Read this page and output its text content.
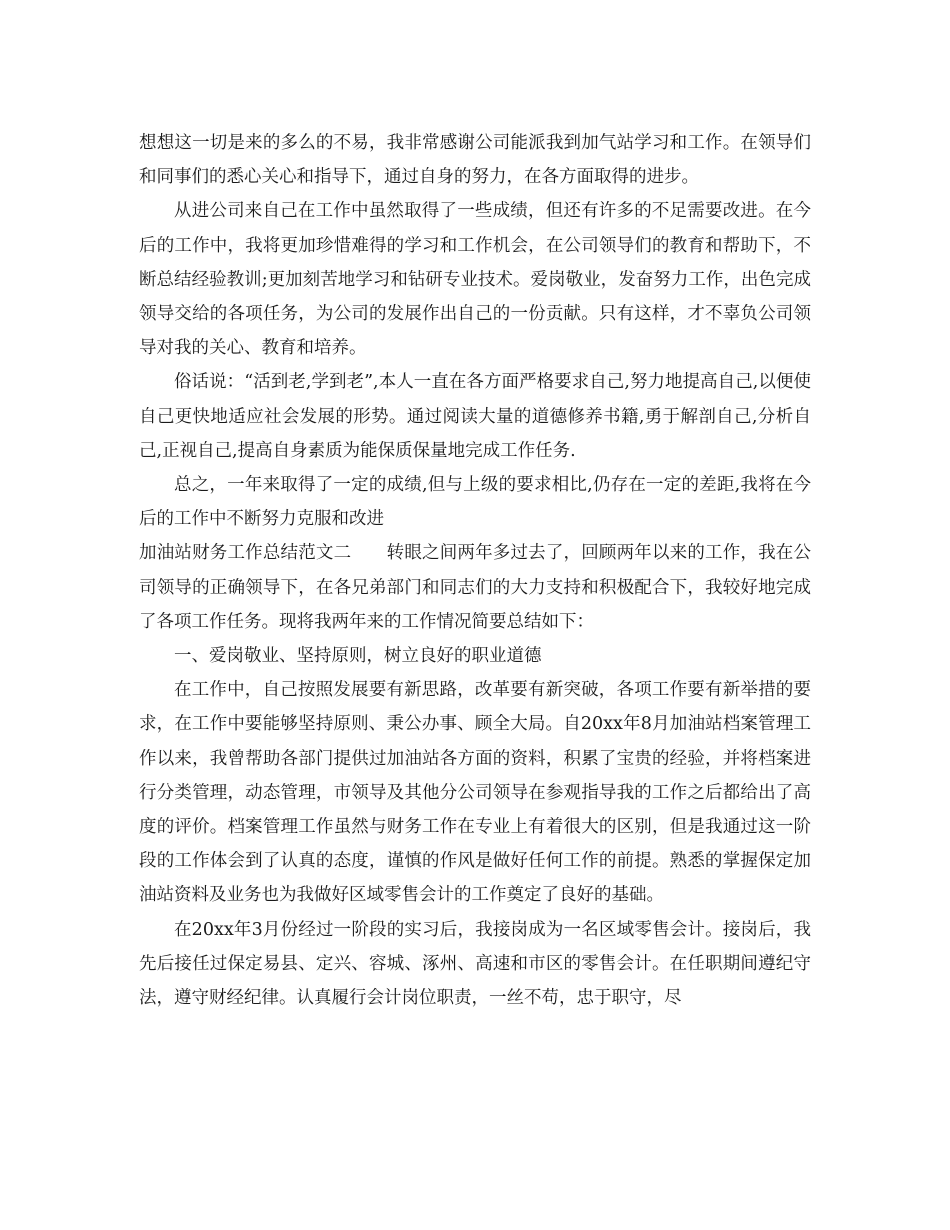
想想这一切是来的多么的不易，我非常感谢公司能派我到加气站学习和工作。在领导们和同事们的悉心关心和指导下，通过自身的努力，在各方面取得的进步。

从进公司来自己在工作中虽然取得了一些成绩，但还有许多的不足需要改进。在今后的工作中，我将更加珍惜难得的学习和工作机会，在公司领导们的教育和帮助下，不断总结经验教训;更加刻苦地学习和钻研专业技术。爱岗敬业，发奋努力工作，出色完成领导交给的各项任务，为公司的发展作出自己的一份贡献。只有这样，才不辜负公司领导对我的关心、教育和培养。

俗话说：“活到老,学到老”,本人一直在各方面严格要求自己,努力地提高自己,以便使自己更快地适应社会发展的形势。通过阅读大量的道德修养书籍,勇于解剖自己,分析自己,正视自己,提高自身素质为能保质保量地完成工作任务.

总之，一年来取得了一定的成绩,但与上级的要求相比,仍存在一定的差距,我将在今后的工作中不断努力克服和改进

加油站财务工作总结范文二　　转眼之间两年多过去了，回顾两年以来的工作，我在公司领导的正确领导下，在各兄弟部门和同志们的大力支持和积极配合下，我较好地完成了各项工作任务。现将我两年来的工作情况简要总结如下：

一、爱岗敬业、坚持原则，树立良好的职业道德

在工作中，自己按照发展要有新思路，改革要有新突破，各项工作要有新举措的要求，在工作中要能够坚持原则、秉公办事、顾全大局。自20xx年8月加油站档案管理工作以来，我曾帮助各部门提供过加油站各方面的资料，积累了宝贵的经验，并将档案进行分类管理，动态管理，市领导及其他分公司领导在参观指导我的工作之后都给出了高度的评价。档案管理工作虽然与财务工作在专业上有着很大的区别，但是我通过这一阶段的工作体会到了认真的态度，谨慎的作风是做好任何工作的前提。熟悉的掌握保定加油站资料及业务也为我做好区域零售会计的工作奠定了良好的基础。

在20xx年3月份经过一阶段的实习后，我接岗成为一名区域零售会计。接岗后，我先后接任过保定易县、定兴、容城、涿州、高速和市区的零售会计。在任职期间遵纪守法，遵守财经纪律。认真履行会计岗位职责，一丝不苟，忠于职守，尽
